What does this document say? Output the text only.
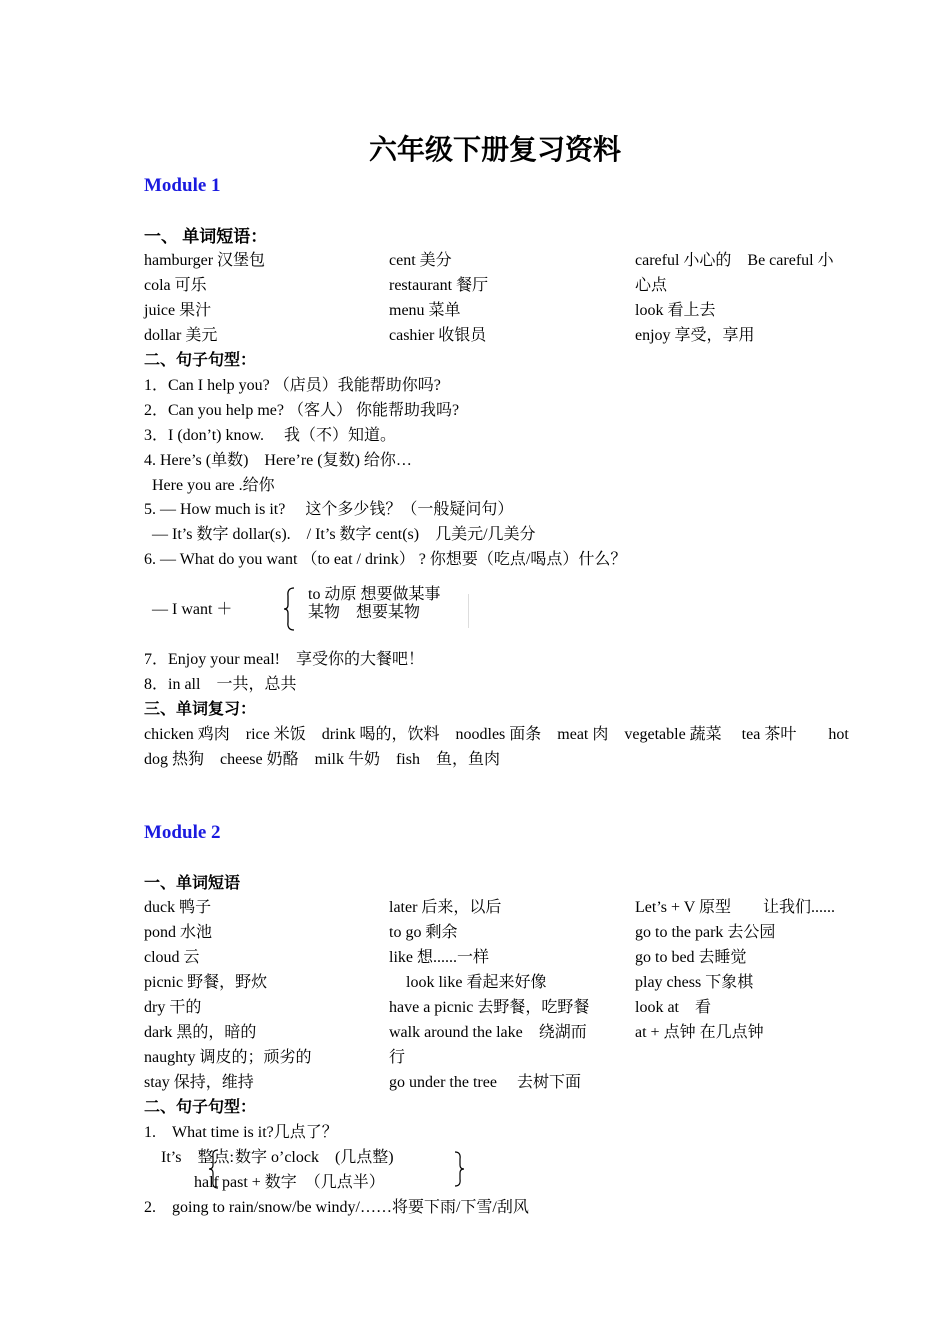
六年级下册复习资料
Module 1
一、 单词短语：
hamburger 汉堡包
cola 可乐
juice 果汁
dollar 美元
cent 美分
restaurant 餐厅
menu 菜单
cashier 收银员
careful 小心的　Be careful 小
心点
look 看上去
enjoy 享受，享用
二、句子句型：
1．Can I help you? （店员）我能帮助你吗?
2．Can you help me? （客人） 你能帮助我吗?
3．I (don’t) know.　 我（不）知道。
4. Here’s (单数)　Here’re (复数) 给你…
Here you are .给你
5. — How much is it?　 这个多少钱？（一般疑问句）
— It’s 数字 dollar(s).　/ It’s 数字 cent(s)　几美元/几美分
6. — What do you want （to eat / drink） ? 你想要（吃点/喝点）什么？
— I want ＋
to 动原 想要做某事
某物　想要某物
7．Enjoy your meal!　享受你的大餐吧！
8．in all　一共，总共
三、单词复习：
chicken 鸡肉　rice 米饭　drink 喝的，饮料　noodles 面条　meat 肉　vegetable 蔬菜　 tea 茶叶　　hot
dog 热狗　cheese 奶酪　milk 牛奶　fish　鱼，鱼肉
Module 2
一、单词短语
duck 鸭子
pond 水池
cloud 云
picnic 野餐，野炊
dry 干的
dark 黑的，暗的
naughty 调皮的；顽劣的
stay 保持，维持
later 后来，以后
to go 剩余
like 想......一样
look like 看起来好像
have a picnic 去野餐，吃野餐
walk around the lake　绕湖而
行
go under the tree　 去树下面
Let’s + V 原型　　让我们......
go to the park 去公园
go to bed 去睡觉
play chess 下象棋
look at　看
at + 点钟 在几点钟
二、句子句型：
1.　What time is it?几点了？
It’s　整点: 数字 o’clock　(几点整)
half past + 数字　（几点半）
2.　going to rain/snow/be windy/……将要下雨/下雪/刮风
